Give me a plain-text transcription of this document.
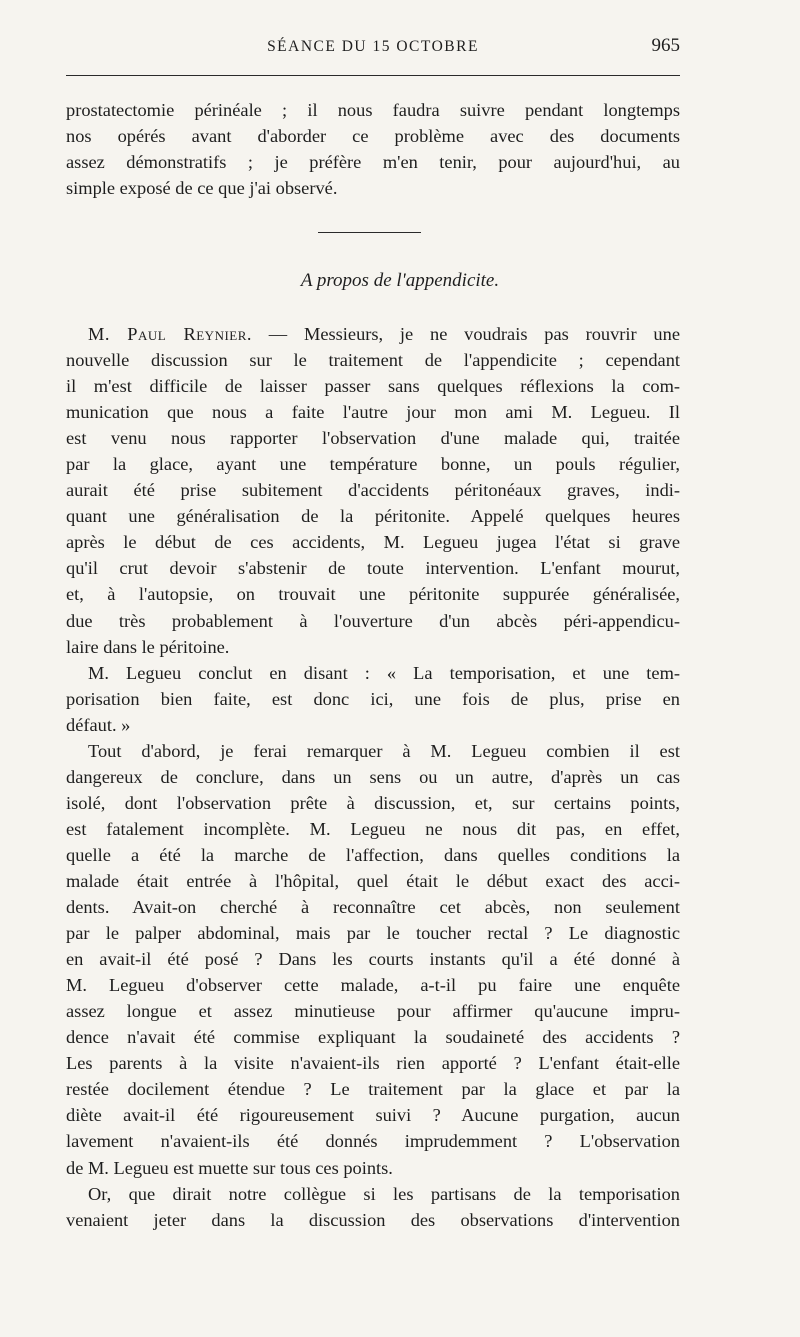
SÉANCE DU 15 OCTOBRE	965
prostatectomie périnéale ; il nous faudra suivre pendant longtemps
nos opérés avant d'aborder ce problème avec des documents
assez démonstratifs ; je préfère m'en tenir, pour aujourd'hui, au
simple exposé de ce que j'ai observé.
A propos de l'appendicite.
M. Paul Reynier. — Messieurs, je ne voudrais pas rouvrir une
nouvelle discussion sur le traitement de l'appendicite ; cependant
il m'est difficile de laisser passer sans quelques réflexions la com-
munication que nous a faite l'autre jour mon ami M. Legueu. Il
est venu nous rapporter l'observation d'une malade qui, traitée
par la glace, ayant une température bonne, un pouls régulier,
aurait été prise subitement d'accidents péritonéaux graves, indi-
quant une généralisation de la péritonite. Appelé quelques heures
après le début de ces accidents, M. Legueu jugea l'état si grave
qu'il crut devoir s'abstenir de toute intervention. L'enfant mourut,
et, à l'autopsie, on trouvait une péritonite suppurée généralisée,
due très probablement à l'ouverture d'un abcès péri-appendicu-
laire dans le péritoine.
M. Legueu conclut en disant : « La temporisation, et une tem-
porisation bien faite, est donc ici, une fois de plus, prise en
défaut. »
Tout d'abord, je ferai remarquer à M. Legueu combien il est
dangereux de conclure, dans un sens ou un autre, d'après un cas
isolé, dont l'observation prête à discussion, et, sur certains points,
est fatalement incomplète. M. Legueu ne nous dit pas, en effet,
quelle a été la marche de l'affection, dans quelles conditions la
malade était entrée à l'hôpital, quel était le début exact des acci-
dents. Avait-on cherché à reconnaître cet abcès, non seulement
par le palper abdominal, mais par le toucher rectal ? Le diagnostic
en avait-il été posé ? Dans les courts instants qu'il a été donné à
M. Legueu d'observer cette malade, a-t-il pu faire une enquête
assez longue et assez minutieuse pour affirmer qu'aucune impru-
dence n'avait été commise expliquant la soudaineté des accidents ?
Les parents à la visite n'avaient-ils rien apporté ? L'enfant était-elle
restée docilement étendue ? Le traitement par la glace et par la
diète avait-il été rigoureusement suivi ? Aucune purgation, aucun
lavement n'avaient-ils été donnés imprudemment ? L'observation
de M. Legueu est muette sur tous ces points.
Or, que dirait notre collègue si les partisans de la temporisation
venaient jeter dans la discussion des observations d'intervention
